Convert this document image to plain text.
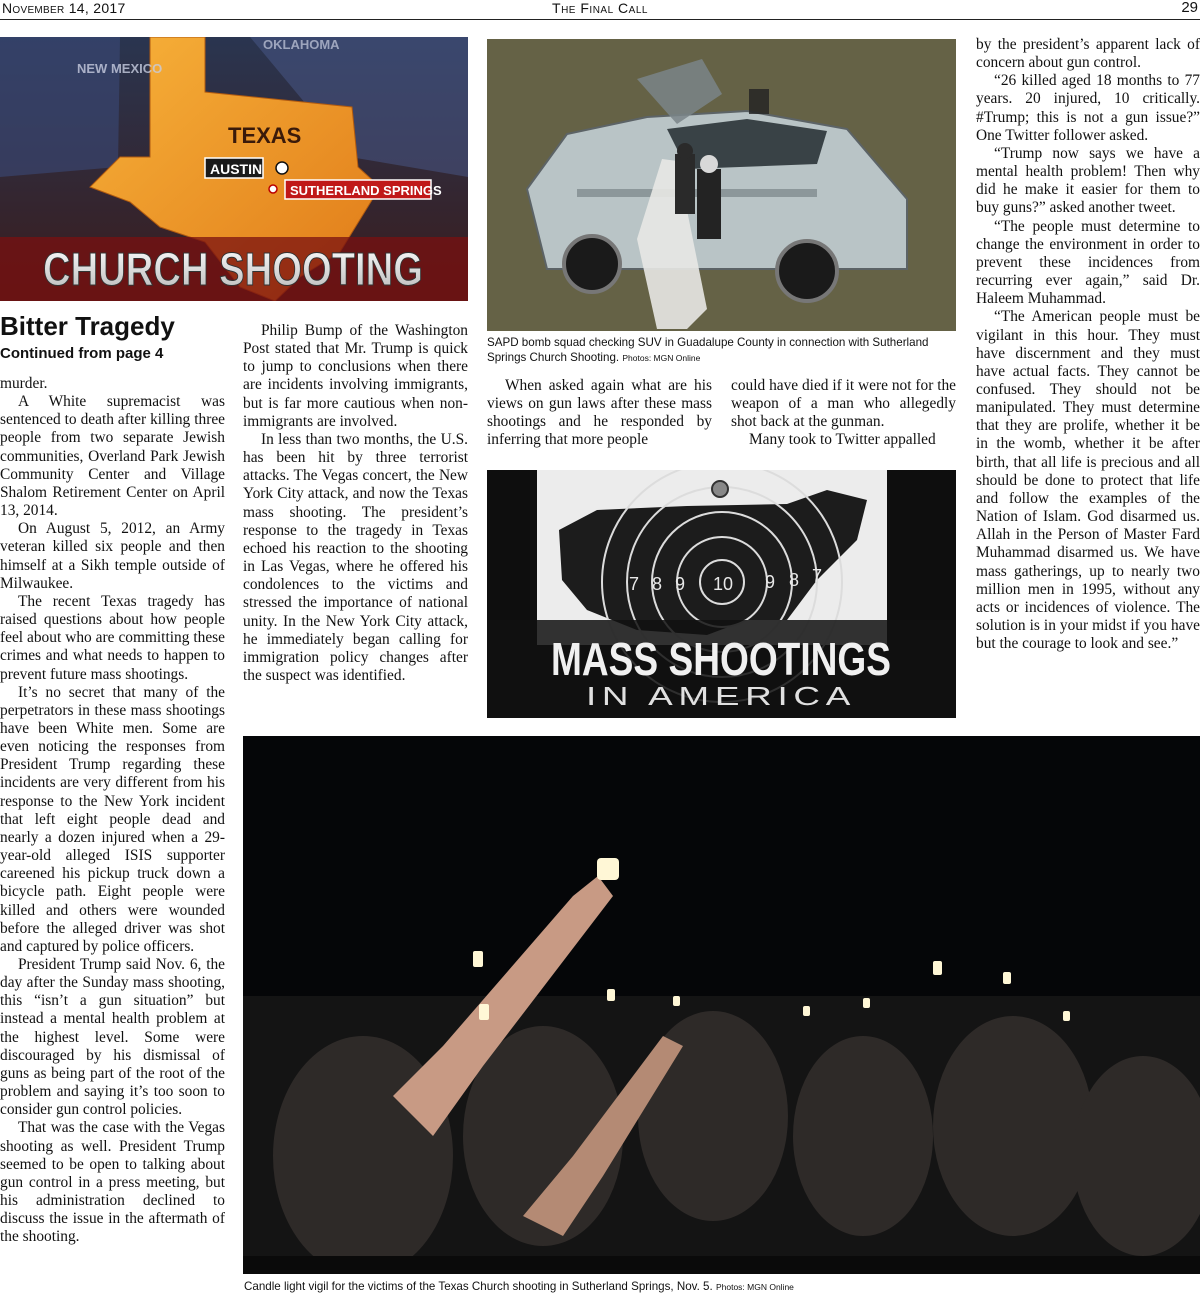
November 14, 2017	The Final Call	29
OKLAHOMA
NEW MEXICO
TEXAS
AUSTIN
SUTHERLAND SPRINGS
CHURCH SHOOTING
SAPD bomb squad checking SUV in Guadalupe County in connection with Sutherland Springs Church Shooting. Photos: MGN Online
7 8 9 10 9 8 7
MASS SHOOTINGS
IN AMERICA
Candle light vigil for the victims of the Texas Church shooting in Sutherland Springs, Nov. 5. Photos: MGN Online
Bitter Tragedy
Continued from page 4

murder.

A White supremacist was sentenced to death after killing three people from two separate Jewish communities, Overland Park Jewish Community Center and Village Shalom Retirement Center on April 13, 2014.

On August 5, 2012, an Army veteran killed six people and then himself at a Sikh temple outside of Milwaukee.

The recent Texas tragedy has raised questions about how people feel about who are committing these crimes and what needs to happen to prevent future mass shootings.

It’s no secret that many of the perpetrators in these mass shootings have been White men. Some are even noticing the responses from President Trump regarding these incidents are very different from his response to the New York incident that left eight people dead and nearly a dozen injured when a 29-year-old alleged ISIS supporter careened his pickup truck down a bicycle path. Eight people were killed and others were wounded before the alleged driver was shot and captured by police officers.

President Trump said Nov. 6, the day after the Sunday mass shooting, this “isn’t a gun situation” but instead a mental health problem at the highest level. Some were discouraged by his dismissal of guns as being part of the root of the problem and saying it’s too soon to consider gun control policies.

That was the case with the Vegas shooting as well. President Trump seemed to be open to talking about gun control in a press meeting, but his administration declined to discuss the issue in the aftermath of the shooting.

Philip Bump of the Washington Post stated that Mr. Trump is quick to jump to conclusions when there are incidents involving immigrants, but is far more cautious when non-immigrants are involved.

In less than two months, the U.S. has been hit by three terrorist attacks. The Vegas concert, the New York City attack, and now the Texas mass shooting. The president’s response to the tragedy in Texas echoed his reaction to the shooting in Las Vegas, where he offered his condolences to the victims and stressed the importance of national unity. In the New York City attack, he immediately began calling for immigration policy changes after the suspect was identified.

When asked again what are his views on gun laws after these mass shootings and he responded by inferring that more people

could have died if it were not for the weapon of a man who allegedly shot back at the gunman.

Many took to Twitter appalled

by the president’s apparent lack of concern about gun control.

“26 killed aged 18 months to 77 years. 20 injured, 10 critically. #Trump; this is not a gun issue?” One Twitter follower asked.

“Trump now says we have a mental health problem! Then why did he make it easier for them to buy guns?” asked another tweet.

“The people must determine to change the environment in order to prevent these incidences from recurring ever again,” said Dr. Haleem Muhammad.

“The American people must be vigilant in this hour. They must have discernment and they must have actual facts. They cannot be confused. They should not be manipulated. They must determine that they are prolife, whether it be in the womb, whether it be after birth, that all life is precious and all should be done to protect that life and follow the examples of the Nation of Islam. God disarmed us. Allah in the Person of Master Fard Muhammad disarmed us. We have mass gatherings, up to nearly two million men in 1995, without any acts or incidences of violence. The solution is in your midst if you have but the courage to look and see.”
